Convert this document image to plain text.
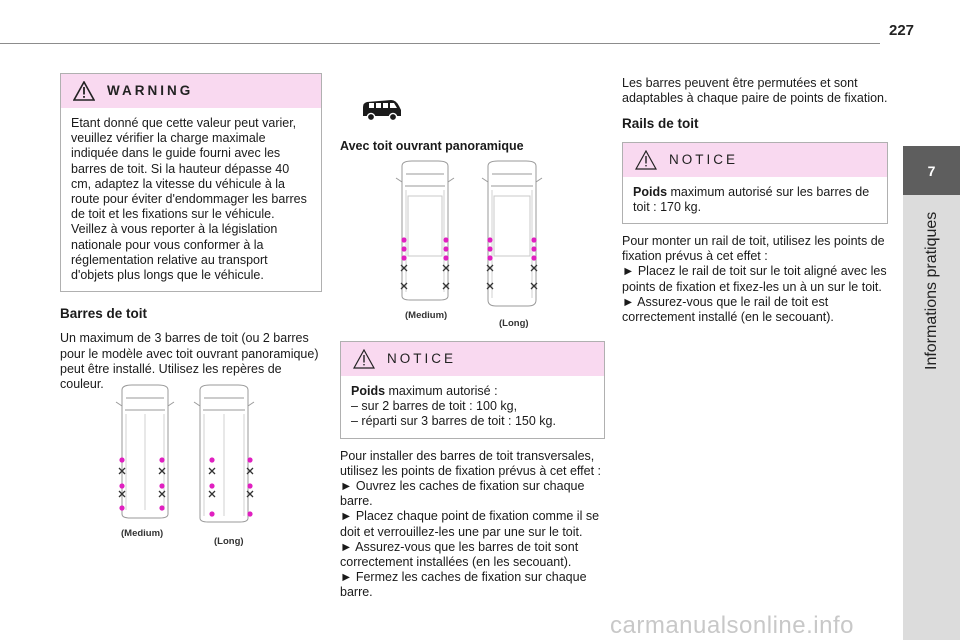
227
7
Informations pratiques
WARNING

Etant donné que cette valeur peut varier, veuillez vérifier la charge maximale indiquée dans le guide fourni avec les barres de toit. Si la hauteur dépasse 40 cm, adaptez la vitesse du véhicule à la route pour éviter d'endommager les barres de toit et les fixations sur le véhicule.

Veillez à vous reporter à la législation nationale pour vous conformer à la réglementation relative au transport d'objets plus longs que le véhicule.

Barres de toit

Un maximum de 3 barres de toit (ou 2 barres pour le modèle avec toit ouvrant panoramique) peut être installé. Utilisez les repères de couleur.

(Medium)
(Long)
Avec toit ouvrant panoramique
(Medium)
(Long)
NOTICE

Poids maximum autorisé :

– sur 2 barres de toit : 100 kg,

– réparti sur 3 barres de toit : 150 kg.

Pour installer des barres de toit transversales, utilisez les points de fixation prévus à cet effet :

► Ouvrez les caches de fixation sur chaque barre.

► Placez chaque point de fixation comme il se doit et verrouillez-les une par une sur le toit.

► Assurez-vous que les barres de toit sont correctement installées (en les secouant).

► Fermez les caches de fixation sur chaque barre.

Les barres peuvent être permutées et sont adaptables à chaque paire de points de fixation.

Rails de toit
NOTICE

Poids maximum autorisé sur les barres de toit : 170 kg.

Pour monter un rail de toit, utilisez les points de fixation prévus à cet effet :

► Placez le rail de toit sur le toit aligné avec les points de fixation et fixez-les un à un sur le toit.

► Assurez-vous que le rail de toit est correctement installé (en le secouant).

carmanualsonline.info
